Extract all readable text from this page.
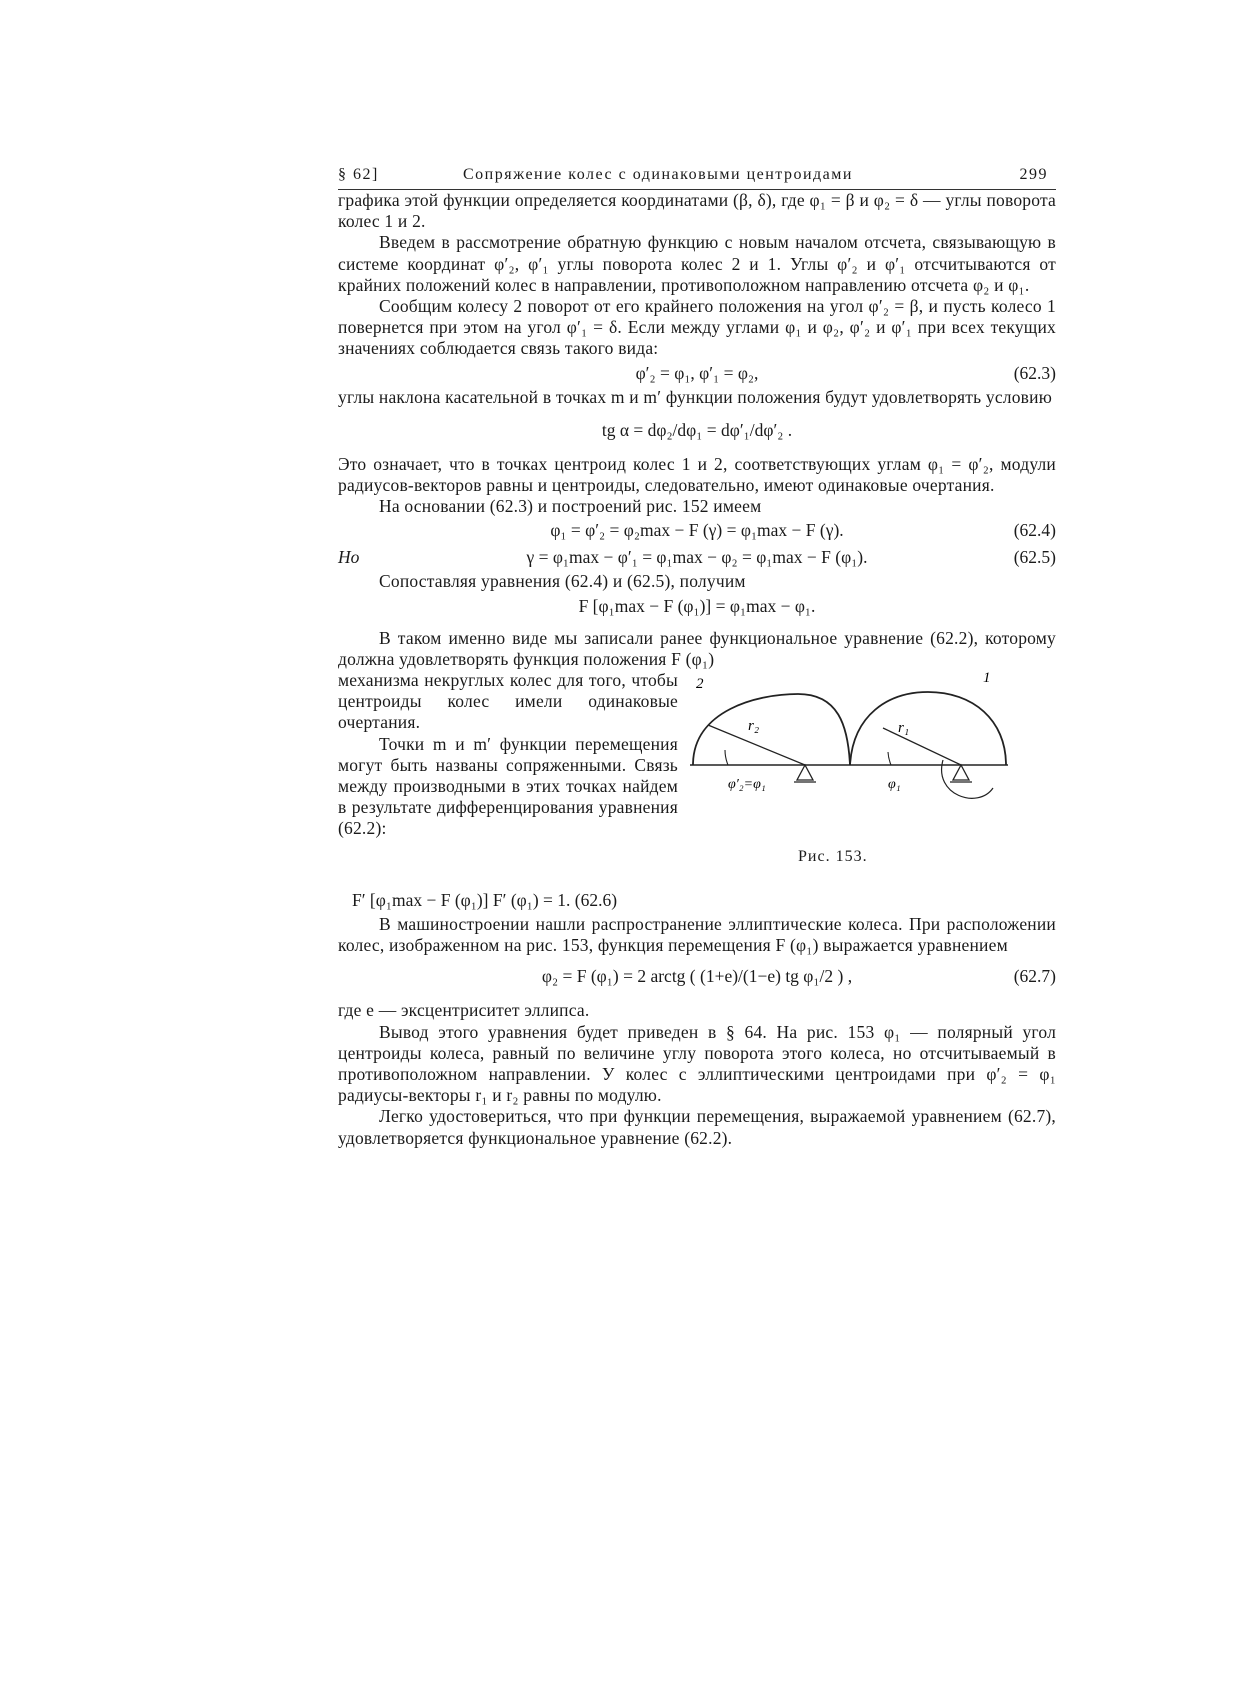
§ 62]	Сопряжение колес с одинаковыми центроидами	299

графика этой функции определяется координатами (β, δ), где φ₁ = β и φ₂ = δ — углы поворота колес 1 и 2.

Введем в рассмотрение обратную функцию с новым началом отсчета, связывающую в системе координат φ′₂, φ′₁ углы поворота колес 2 и 1. Углы φ′₂ и φ′₁ отсчитываются от крайних положений колес в направлении, противоположном направлению отсчета φ₂ и φ₁.

Сообщим колесу 2 поворот от его крайнего положения на угол φ′₂ = β, и пусть колесо 1 повернется при этом на угол φ′₁ = δ. Если между углами φ₁ и φ₂, φ′₂ и φ′₁ при всех текущих значениях соблюдается связь такого вида:

φ′₂ = φ₁, φ′₁ = φ₂,	(62.3)

углы наклона касательной в точках m и m′ функции положения будут удовлетворять условию

tg α = dφ₂/dφ₁ = dφ′₁/dφ′₂ .

Это означает, что в точках центроид колес 1 и 2, соответствующих углам φ₁ = φ′₂, модули радиусов-векторов равны и центроиды, следовательно, имеют одинаковые очертания.

На основании (62.3) и построений рис. 152 имеем

φ₁ = φ′₂ = φ₂max − F (γ) = φ₁max − F (γ).	(62.4)
Но	γ = φ₁max − φ′₁ = φ₁max − φ₂ = φ₁max − F (φ₁).	(62.5)

Сопоставляя уравнения (62.4) и (62.5), получим

F [φ₁max − F (φ₁)] = φ₁max − φ₁.

В таком именно виде мы записали ранее функциональное уравнение (62.2), которому должна удовлетворять функция положения F (φ₁)

механизма некруглых колес для того, чтобы центроиды колес имели одинаковые очертания.

Точки m и m′ функции перемещения могут быть названы сопряженными. Связь между производными в этих точках найдем в результате дифференцирования уравнения (62.2):

2	1
r₂	r₁
φ′₂=φ₁	φ₁
Рис. 153.
F′ [φ₁max − F (φ₁)] F′ (φ₁) = 1. (62.6)

В машиностроении нашли распространение эллиптические колеса. При расположении колес, изображенном на рис. 153, функция перемещения F (φ₁) выражается уравнением

φ₂ = F (φ₁) = 2 arctg ( (1+e)/(1−e) tg φ₁/2 ) ,	(62.7)

где e — эксцентриситет эллипса.

Вывод этого уравнения будет приведен в § 64. На рис. 153 φ₁ — полярный угол центроиды колеса, равный по величине углу поворота этого колеса, но отсчитываемый в противоположном направлении. У колес с эллиптическими центроидами при φ′₂ = φ₁ радиусы-векторы r₁ и r₂ равны по модулю.

Легко удостовериться, что при функции перемещения, выражаемой уравнением (62.7), удовлетворяется функциональное уравнение (62.2).
